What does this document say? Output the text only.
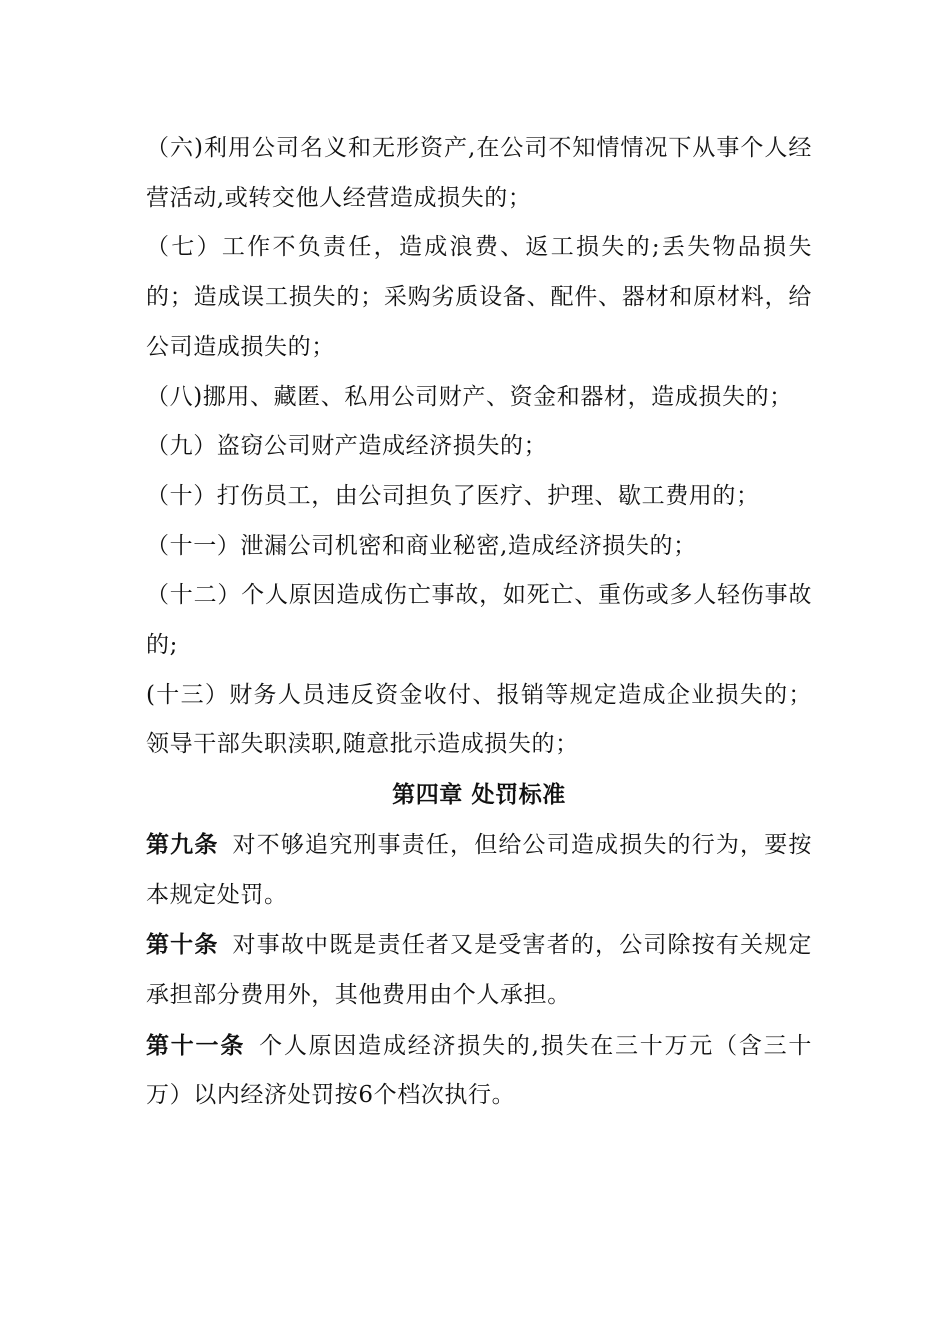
（六)利用公司名义和无形资产,在公司不知情情况下从事个人经营活动,或转交他人经营造成损失的；

（七）工作不负责任，造成浪费、返工损失的;丢失物品损失的；造成误工损失的；采购劣质设备、配件、器材和原材料，给公司造成损失的；

（八)挪用、藏匿、私用公司财产、资金和器材，造成损失的；

（九）盗窃公司财产造成经济损失的；

（十）打伤员工，由公司担负了医疗、护理、歇工费用的；

（十一）泄漏公司机密和商业秘密,造成经济损失的；

（十二）个人原因造成伤亡事故，如死亡、重伤或多人轻伤事故的;

(十三）财务人员违反资金收付、报销等规定造成企业损失的；领导干部失职渎职,随意批示造成损失的；

第四章 处罚标准

第九条 对不够追究刑事责任，但给公司造成损失的行为，要按本规定处罚。

第十条 对事故中既是责任者又是受害者的，公司除按有关规定承担部分费用外，其他费用由个人承担。

第十一条 个人原因造成经济损失的,损失在三十万元（含三十万）以内经济处罚按6个档次执行。
